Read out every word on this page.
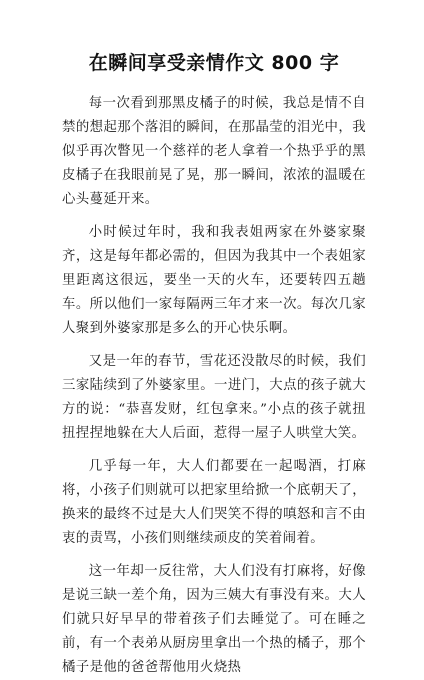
在瞬间享受亲情作文 800 字

每一次看到那黑皮橘子的时候，我总是情不自禁的想起那个落泪的瞬间，在那晶莹的泪光中，我似乎再次瞥见一个慈祥的老人拿着一个热乎乎的黑皮橘子在我眼前晃了晃，那一瞬间，浓浓的温暖在心头蔓延开来。

小时候过年时，我和我表姐两家在外婆家聚齐，这是每年都必需的，但因为我其中一个表姐家里距离这很远，要坐一天的火车，还要转四五趟车。所以他们一家每隔两三年才来一次。每次几家人聚到外婆家那是多么的开心快乐啊。

又是一年的春节，雪花还没散尽的时候，我们三家陆续到了外婆家里。一进门，大点的孩子就大方的说：“恭喜发财，红包拿来。”小点的孩子就扭扭捏捏地躲在大人后面，惹得一屋子人哄堂大笑。

几乎每一年，大人们都要在一起喝酒，打麻将，小孩子们则就可以把家里给掀一个底朝天了，换来的最终不过是大人们哭笑不得的嗔怒和言不由衷的责骂，小孩们则继续顽皮的笑着闹着。

这一年却一反往常，大人们没有打麻将，好像是说三缺一差个角，因为三姨大有事没有来。大人们就只好早早的带着孩子们去睡觉了。可在睡之前，有一个表弟从厨房里拿出一个热的橘子，那个橘子是他的爸爸帮他用火烧热
